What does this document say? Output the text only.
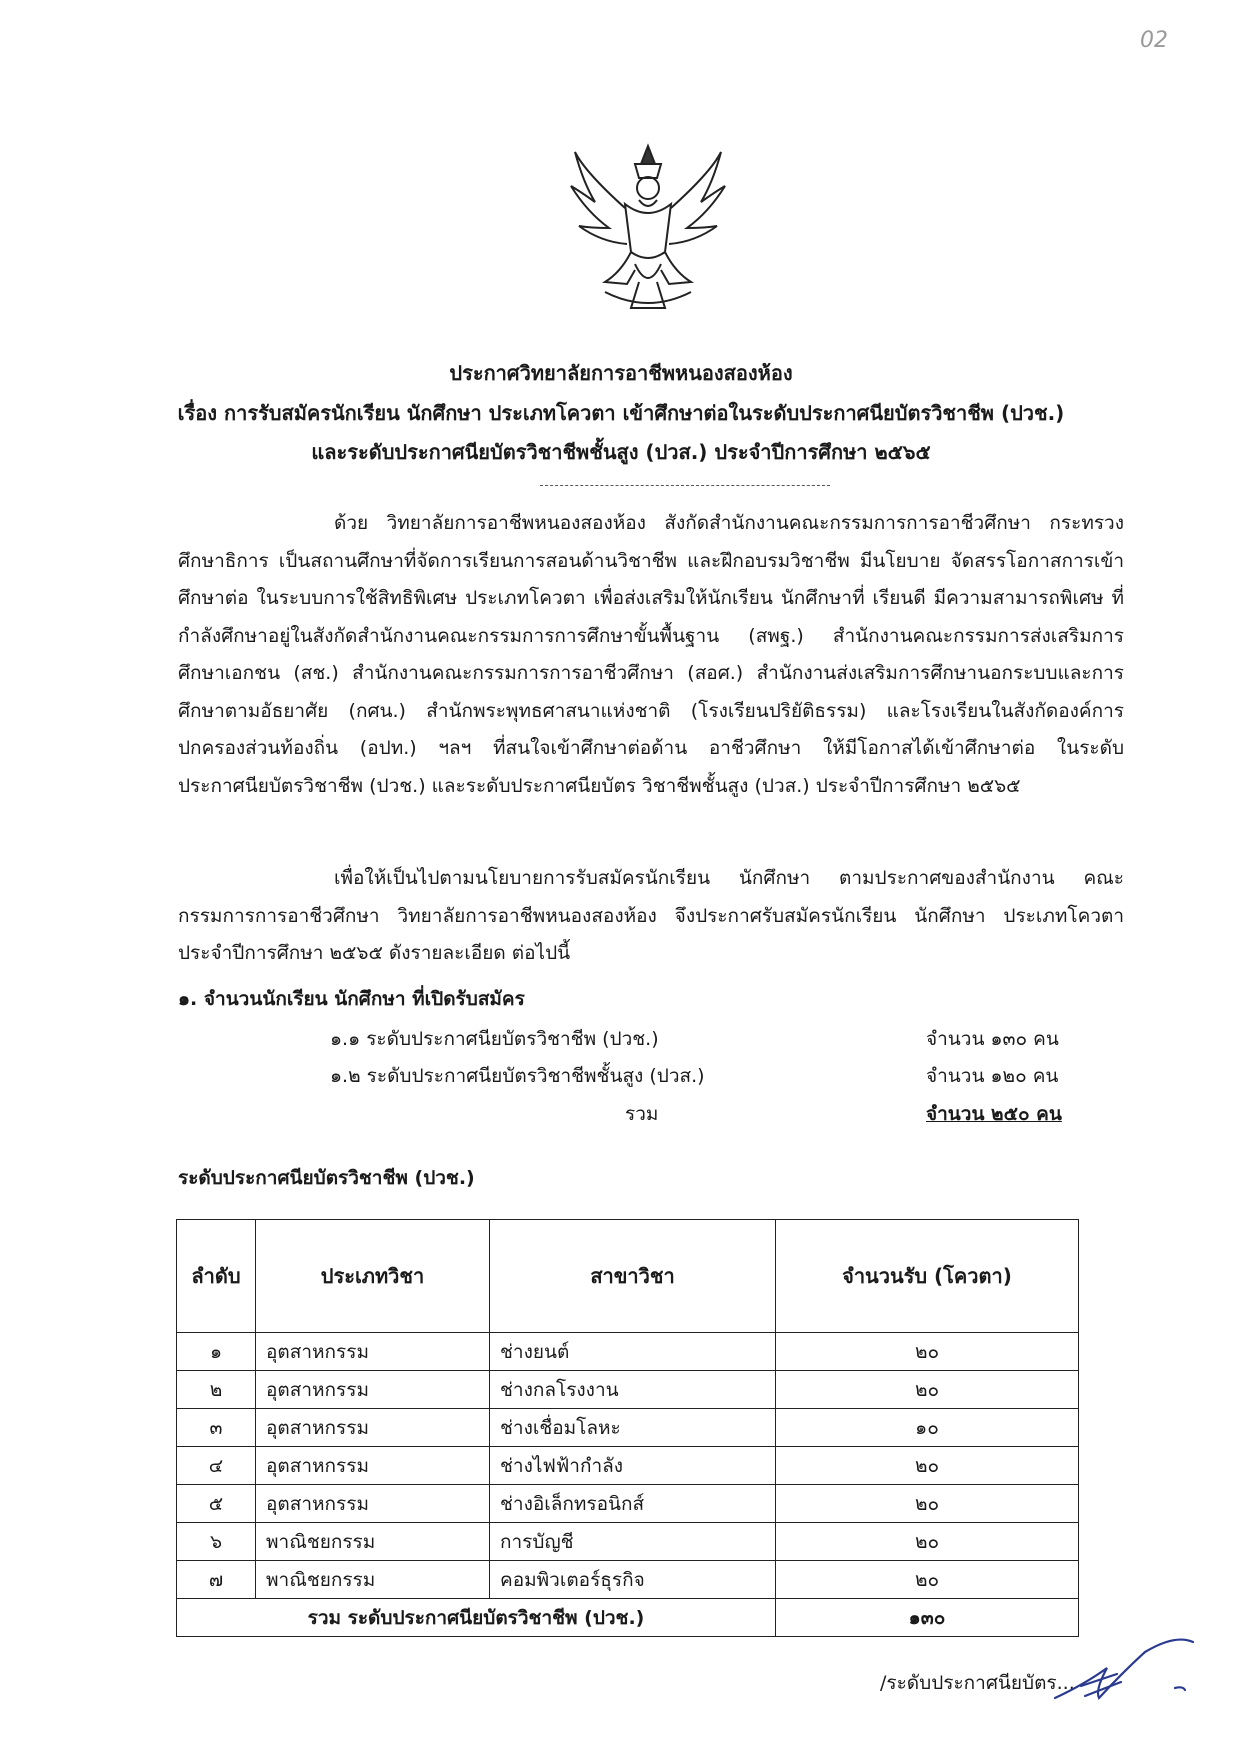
02
ประกาศวิทยาลัยการอาชีพหนองสองห้อง
เรื่อง การรับสมัครนักเรียน นักศึกษา ประเภทโควตา เข้าศึกษาต่อในระดับประกาศนียบัตรวิชาชีพ (ปวช.)
และระดับประกาศนียบัตรวิชาชีพชั้นสูง (ปวส.) ประจำปีการศึกษา ๒๕๖๕
ด้วย วิทยาลัยการอาชีพหนองสองห้อง สังกัดสำนักงานคณะกรรมการการอาชีวศึกษา กระทรวงศึกษาธิการ เป็นสถานศึกษาที่จัดการเรียนการสอนด้านวิชาชีพ และฝึกอบรมวิชาชีพ มีนโยบาย จัดสรรโอกาสการเข้าศึกษาต่อ ในระบบการใช้สิทธิพิเศษ ประเภทโควตา เพื่อส่งเสริมให้นักเรียน นักศึกษาที่ เรียนดี มีความสามารถพิเศษ ที่กำลังศึกษาอยู่ในสังกัดสำนักงานคณะกรรมการการศึกษาขั้นพื้นฐาน (สพฐ.) สำนักงานคณะกรรมการส่งเสริมการศึกษาเอกชน (สช.) สำนักงานคณะกรรมการการอาชีวศึกษา (สอศ.) สำนักงานส่งเสริมการศึกษานอกระบบและการศึกษาตามอัธยาศัย (กศน.) สำนักพระพุทธศาสนาแห่งชาติ (โรงเรียนปริยัติธรรม) และโรงเรียนในสังกัดองค์การปกครองส่วนท้องถิ่น (อปท.) ฯลฯ ที่สนใจเข้าศึกษาต่อด้าน อาชีวศึกษา ให้มีโอกาสได้เข้าศึกษาต่อ ในระดับประกาศนียบัตรวิชาชีพ (ปวช.) และระดับประกาศนียบัตร วิชาชีพชั้นสูง (ปวส.) ประจำปีการศึกษา ๒๕๖๕
เพื่อให้เป็นไปตามนโยบายการรับสมัครนักเรียน นักศึกษา ตามประกาศของสำนักงาน คณะกรรมการการอาชีวศึกษา วิทยาลัยการอาชีพหนองสองห้อง จึงประกาศรับสมัครนักเรียน นักศึกษา ประเภทโควตา ประจำปีการศึกษา ๒๕๖๕ ดังรายละเอียด ต่อไปนี้
๑. จำนวนนักเรียน นักศึกษา ที่เปิดรับสมัคร
๑.๑ ระดับประกาศนียบัตรวิชาชีพ (ปวช.)	จำนวน ๑๓๐ คน
๑.๒ ระดับประกาศนียบัตรวิชาชีพชั้นสูง (ปวส.)	จำนวน ๑๒๐ คน
รวม	จำนวน ๒๕๐ คน
ระดับประกาศนียบัตรวิชาชีพ (ปวช.)
ลำดับ	ประเภทวิชา	สาขาวิชา	จำนวนรับ (โควตา)
๑	อุตสาหกรรม	ช่างยนต์	๒๐
๒	อุตสาหกรรม	ช่างกลโรงงาน	๒๐
๓	อุตสาหกรรม	ช่างเชื่อมโลหะ	๑๐
๔	อุตสาหกรรม	ช่างไฟฟ้ากำลัง	๒๐
๕	อุตสาหกรรม	ช่างอิเล็กทรอนิกส์	๒๐
๖	พาณิชยกรรม	การบัญชี	๒๐
๗	พาณิชยกรรม	คอมพิวเตอร์ธุรกิจ	๒๐
รวม ระดับประกาศนียบัตรวิชาชีพ (ปวช.)			๑๓๐
/ระดับประกาศนียบัตร...
